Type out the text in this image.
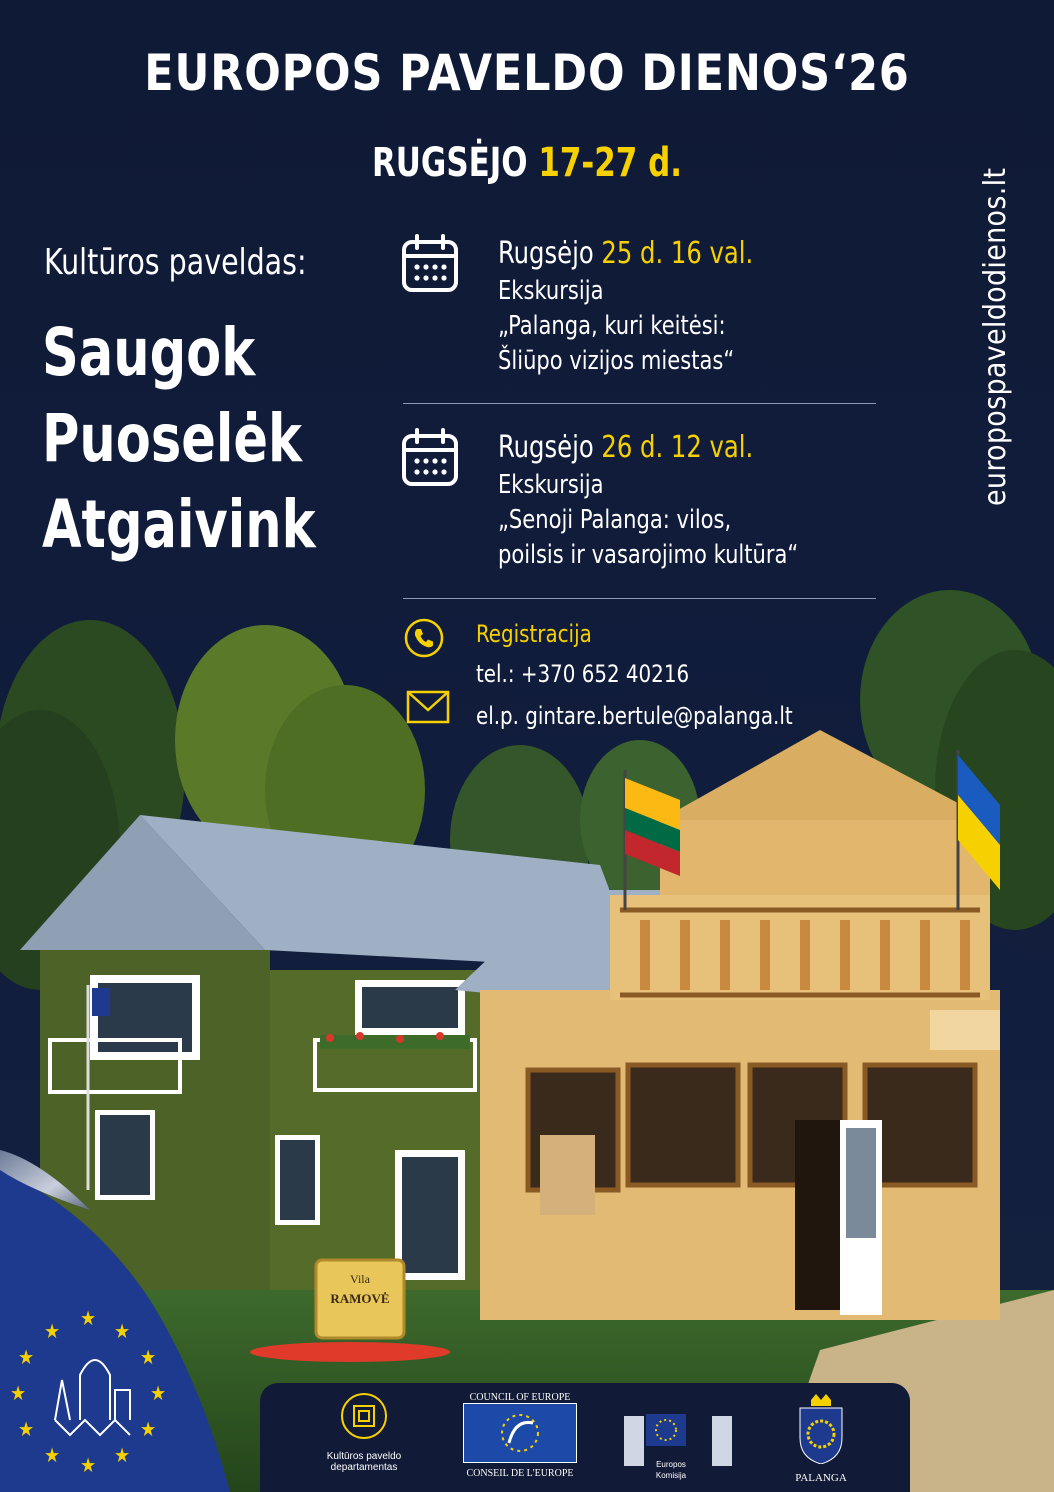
EUROPOS PAVELDO DIENOS‘26
RUGSĖJO 17-27 d.
Kultūros paveldas:
Saugok
Puoselėk
Atgaivink
europospaveldodienos.lt
Rugsėjo 25 d. 16 val.
Ekskursija
„Palanga, kuri keitėsi:
Šliūpo vizijos miestas“
Rugsėjo 26 d. 12 val.
Ekskursija
„Senoji Palanga: vilos,
poilsis ir vasarojimo kultūra“
Vila
RAMOVĖ
★
★
★
★
★
★
★
★
★
★
★
★
Kultūros paveldo
departamentas
COUNCIL OF EUROPE
CONSEIL DE L'EUROPE
Europos
Komisija	PALANGA
Registracija
tel.: +370 652 40216
el.p. gintare.bertule@palanga.lt
